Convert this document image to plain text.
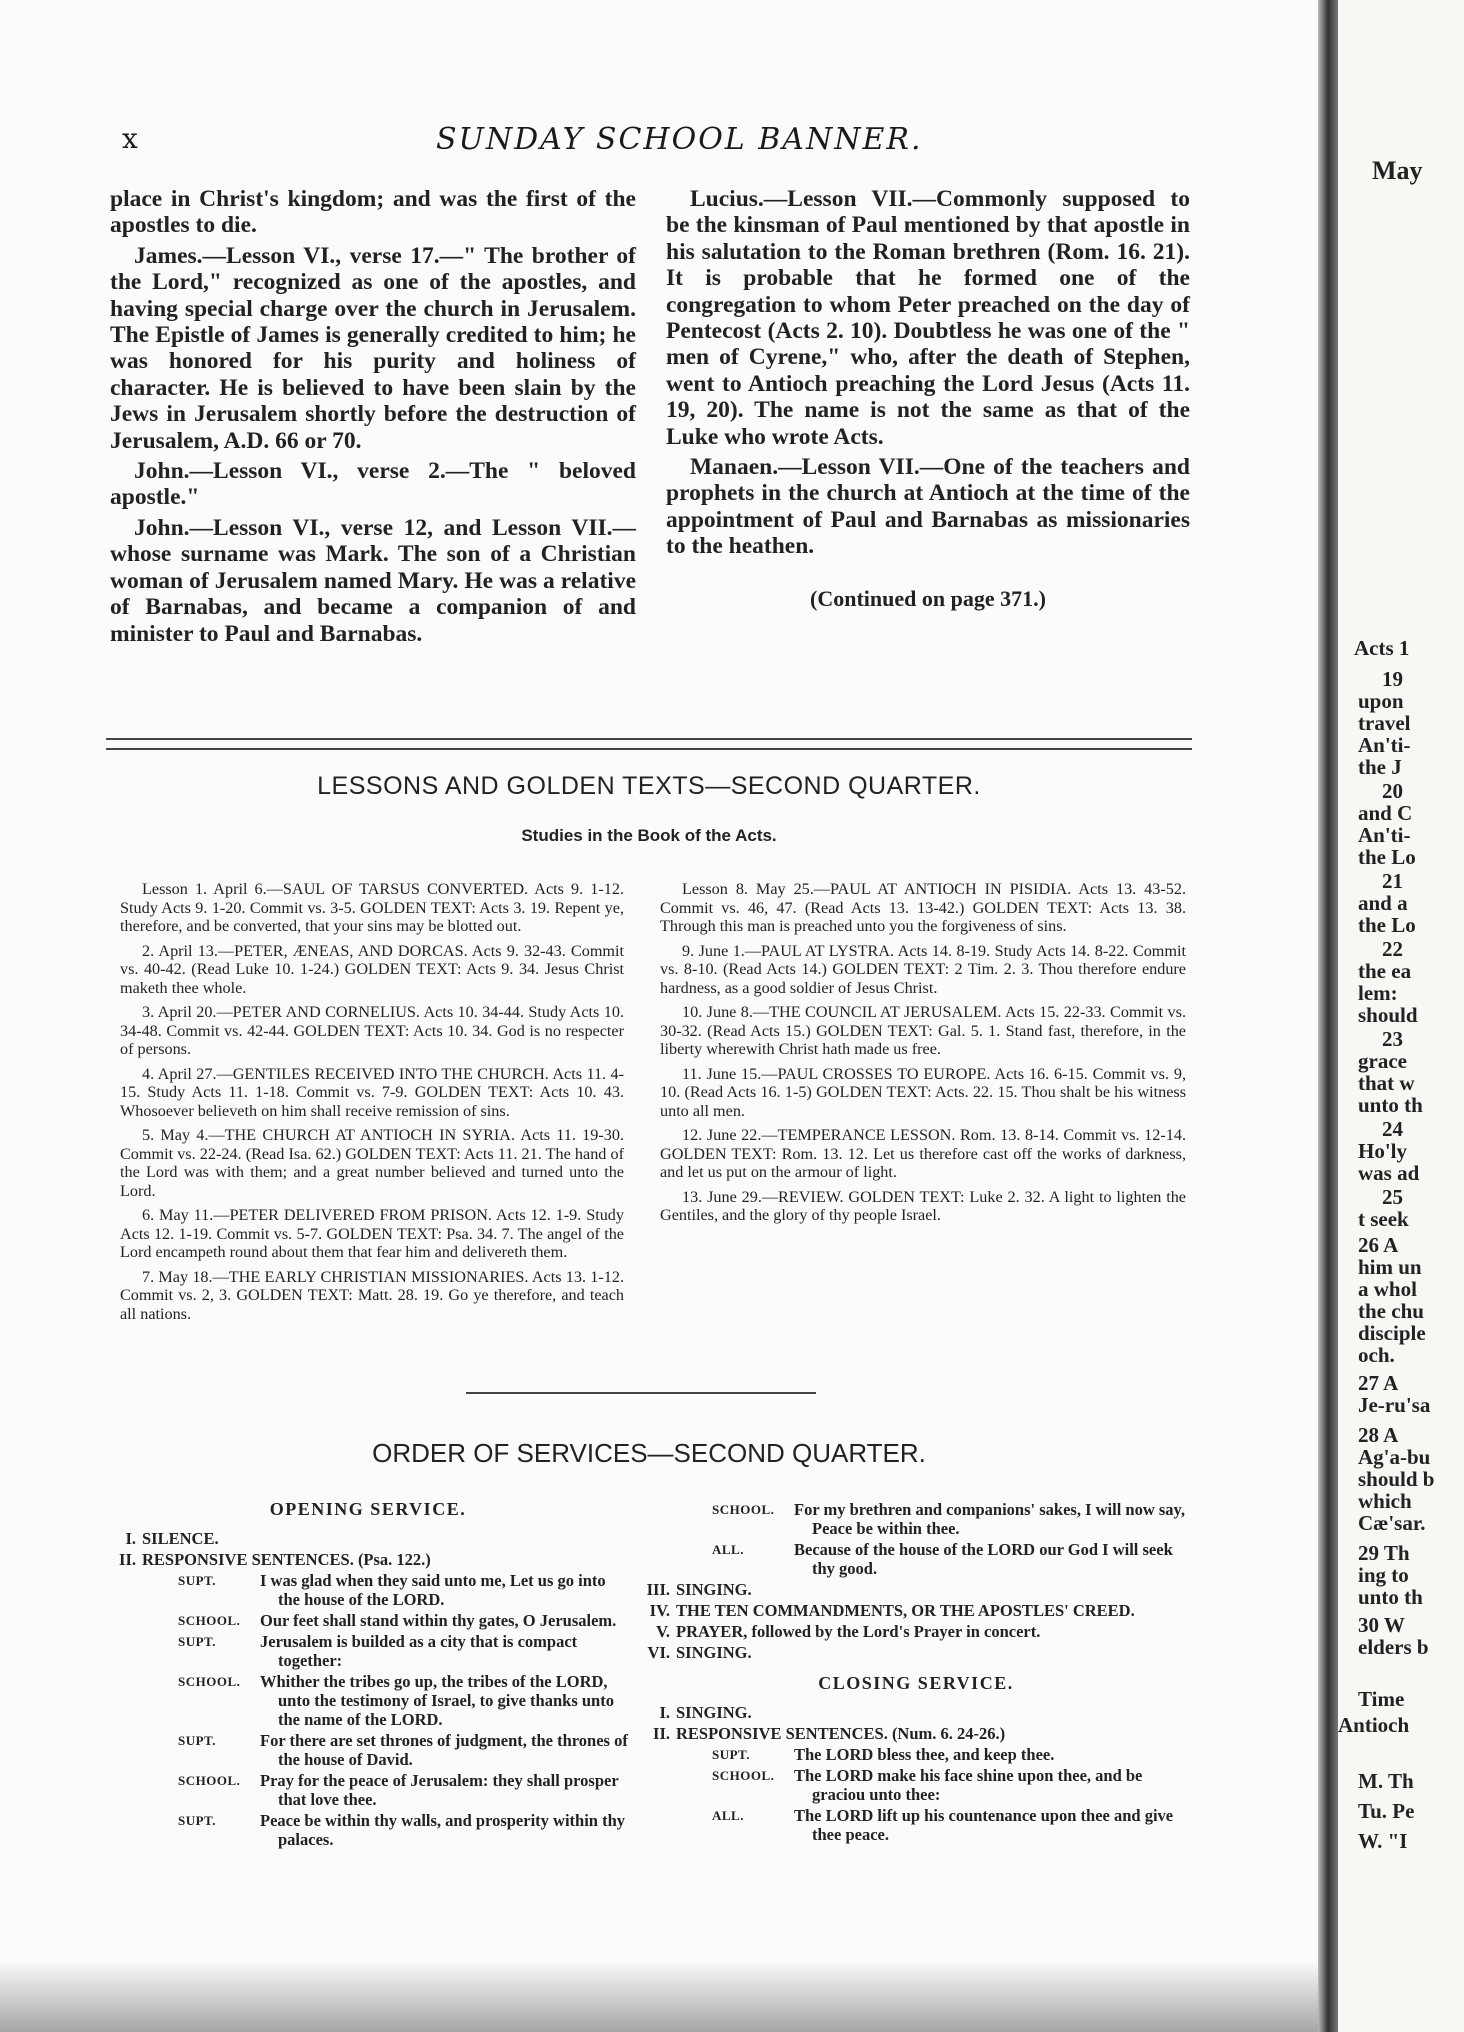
x	SUNDAY SCHOOL BANNER.

place in Christ's kingdom; and was the first of the apostles to die.

James.—Lesson VI., verse 17.—" The brother of the Lord," recognized as one of the apostles, and having special charge over the church in Jerusalem. The Epistle of James is generally credited to him; he was honored for his purity and holiness of character. He is believed to have been slain by the Jews in Jerusalem shortly before the destruction of Jerusalem, A.D. 66 or 70.

John.—Lesson VI., verse 2.—The " beloved apostle."

John.—Lesson VI., verse 12, and Lesson VII.—whose surname was Mark. The son of a Christian woman of Jerusalem named Mary. He was a relative of Barnabas, and became a companion of and minister to Paul and Barnabas.

Lucius.—Lesson VII.—Commonly supposed to be the kinsman of Paul mentioned by that apostle in his salutation to the Roman brethren (Rom. 16. 21). It is probable that he formed one of the congregation to whom Peter preached on the day of Pentecost (Acts 2. 10). Doubtless he was one of the " men of Cyrene," who, after the death of Stephen, went to Antioch preaching the Lord Jesus (Acts 11. 19, 20). The name is not the same as that of the Luke who wrote Acts.

Manaen.—Lesson VII.—One of the teachers and prophets in the church at Antioch at the time of the appointment of Paul and Barnabas as missionaries to the heathen.

(Continued on page 371.)
LESSONS AND GOLDEN TEXTS—SECOND QUARTER.
Studies in the Book of the Acts.

Lesson 1. April 6.—SAUL OF TARSUS CONVERTED. Acts 9. 1-12. Study Acts 9. 1-20. Commit vs. 3-5. GOLDEN TEXT: Acts 3. 19. Repent ye, therefore, and be converted, that your sins may be blotted out.

2. April 13.—PETER, ÆNEAS, AND DORCAS. Acts 9. 32-43. Commit vs. 40-42. (Read Luke 10. 1-24.) GOLDEN TEXT: Acts 9. 34. Jesus Christ maketh thee whole.

3. April 20.—PETER AND CORNELIUS. Acts 10. 34-44. Study Acts 10. 34-48. Commit vs. 42-44. GOLDEN TEXT: Acts 10. 34. God is no respecter of persons.

4. April 27.—GENTILES RECEIVED INTO THE CHURCH. Acts 11. 4-15. Study Acts 11. 1-18. Commit vs. 7-9. GOLDEN TEXT: Acts 10. 43. Whosoever believeth on him shall receive remission of sins.

5. May 4.—THE CHURCH AT ANTIOCH IN SYRIA. Acts 11. 19-30. Commit vs. 22-24. (Read Isa. 62.) GOLDEN TEXT: Acts 11. 21. The hand of the Lord was with them; and a great number believed and turned unto the Lord.

6. May 11.—PETER DELIVERED FROM PRISON. Acts 12. 1-9. Study Acts 12. 1-19. Commit vs. 5-7. GOLDEN TEXT: Psa. 34. 7. The angel of the Lord encampeth round about them that fear him and delivereth them.

7. May 18.—THE EARLY CHRISTIAN MISSIONARIES. Acts 13. 1-12. Commit vs. 2, 3. GOLDEN TEXT: Matt. 28. 19. Go ye therefore, and teach all nations.

Lesson 8. May 25.—PAUL AT ANTIOCH IN PISIDIA. Acts 13. 43-52. Commit vs. 46, 47. (Read Acts 13. 13-42.) GOLDEN TEXT: Acts 13. 38. Through this man is preached unto you the forgiveness of sins.

9. June 1.—PAUL AT LYSTRA. Acts 14. 8-19. Study Acts 14. 8-22. Commit vs. 8-10. (Read Acts 14.) GOLDEN TEXT: 2 Tim. 2. 3. Thou therefore endure hardness, as a good soldier of Jesus Christ.

10. June 8.—THE COUNCIL AT JERUSALEM. Acts 15. 22-33. Commit vs. 30-32. (Read Acts 15.) GOLDEN TEXT: Gal. 5. 1. Stand fast, therefore, in the liberty wherewith Christ hath made us free.

11. June 15.—PAUL CROSSES TO EUROPE. Acts 16. 6-15. Commit vs. 9, 10. (Read Acts 16. 1-5) GOLDEN TEXT: Acts. 22. 15. Thou shalt be his witness unto all men.

12. June 22.—TEMPERANCE LESSON. Rom. 13. 8-14. Commit vs. 12-14. GOLDEN TEXT: Rom. 13. 12. Let us therefore cast off the works of darkness, and let us put on the armour of light.

13. June 29.—REVIEW. GOLDEN TEXT: Luke 2. 32. A light to lighten the Gentiles, and the glory of thy people Israel.

ORDER OF SERVICES—SECOND QUARTER.
OPENING SERVICE.
I. SILENCE.
II. RESPONSIVE SENTENCES. (Psa. 122.)
SUPT.	I was glad when they said unto me, Let us go into the house of the LORD.
SCHOOL.	Our feet shall stand within thy gates, O Jerusalem.
SUPT.	Jerusalem is builded as a city that is compact together:
SCHOOL.	Whither the tribes go up, the tribes of the LORD, unto the testimony of Israel, to give thanks unto the name of the LORD.
SUPT.	For there are set thrones of judgment, the thrones of the house of David.
SCHOOL.	Pray for the peace of Jerusalem: they shall prosper that love thee.
SUPT.	Peace be within thy walls, and prosperity within thy palaces.
SCHOOL.	For my brethren and companions' sakes, I will now say, Peace be within thee.
ALL.	Because of the house of the LORD our God I will seek thy good.
III. SINGING.
IV. THE TEN COMMANDMENTS, OR THE APOSTLES' CREED.
V. PRAYER, followed by the Lord's Prayer in concert.
VI. SINGING.
CLOSING SERVICE.
I. SINGING.
II. RESPONSIVE SENTENCES. (Num. 6. 24-26.)
SUPT.	The LORD bless thee, and keep thee.
SCHOOL.	The LORD make his face shine upon thee, and be graciou unto thee:
ALL.	The LORD lift up his countenance upon thee and give thee peace.
May
Acts 1
19
upon
travel
An'ti-
the J
20
and C
An'ti-
the Lo
21
and a
the Lo
22
the ea
lem:
should
23
grace
that w
unto th
24
Ho'ly
was ad
25
t seek
26 A
him un
a whol
the chu
disciple
och.
27 A
Je-ru'sa
28 A
Ag'a-bu
should b
which
Cæ'sar.
29 Th
ing to
unto th
30 W
elders b
Time
Antioch
M. Th
Tu. Pe
W. "I
